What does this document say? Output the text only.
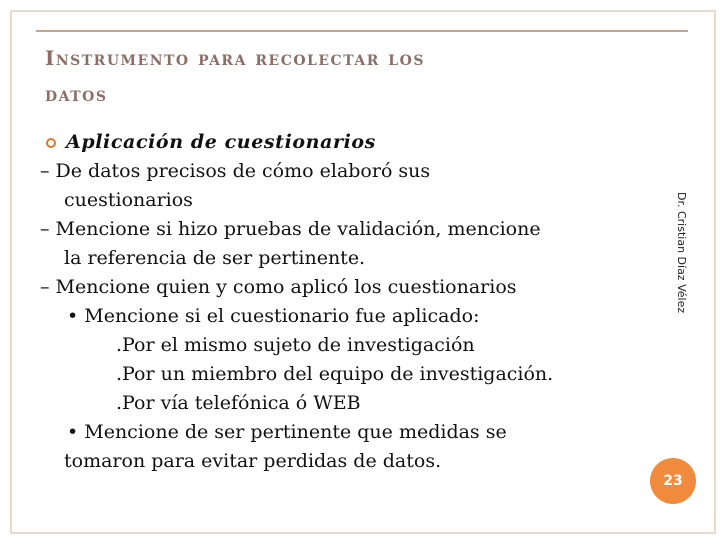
Instrumento para recolectar los
datos
Aplicación de cuestionarios
– De datos precisos de cómo elaboró sus
cuestionarios
– Mencione si hizo pruebas de validación, mencione
la referencia de ser pertinente.
– Mencione quien y como aplicó los cuestionarios
• Mencione si el cuestionario fue aplicado:
.Por el mismo sujeto de investigación
.Por un miembro del equipo de investigación.
.Por vía telefónica ó WEB
• Mencione de ser pertinente que medidas se
tomaron para evitar perdidas de datos.
Dr. Cristian Díaz Vélez
23
